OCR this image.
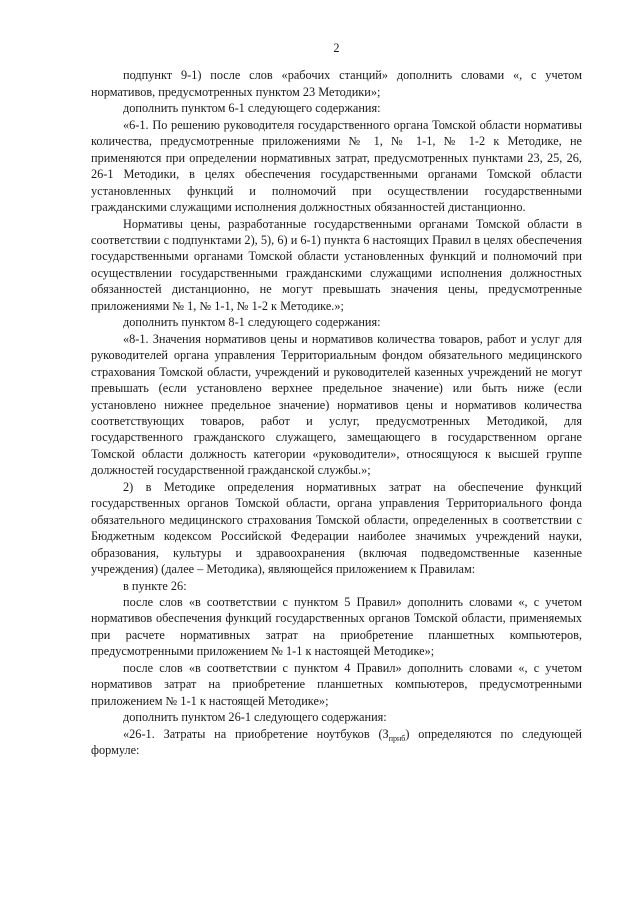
2

подпункт 9-1) после слов «рабочих станций» дополнить словами «, с учетом нормативов, предусмотренных пунктом 23 Методики»;

дополнить пунктом 6-1 следующего содержания:

«6-1. По решению руководителя государственного органа Томской области нормативы количества, предусмотренные приложениями № 1, № 1-1, № 1-2 к Методике, не применяются при определении нормативных затрат, предусмотренных пунктами 23, 25, 26, 26-1 Методики, в целях обеспечения государственными органами Томской области установленных функций и полномочий при осуществлении государственными гражданскими служащими исполнения должностных обязанностей дистанционно.

Нормативы цены, разработанные государственными органами Томской области в соответствии с подпунктами 2), 5), 6) и 6-1) пункта 6 настоящих Правил в целях обеспечения государственными органами Томской области установленных функций и полномочий при осуществлении государственными гражданскими служащими исполнения должностных обязанностей дистанционно, не могут превышать значения цены, предусмотренные приложениями № 1, № 1-1, № 1-2 к Методике.»;

дополнить пунктом 8-1 следующего содержания:

«8-1. Значения нормативов цены и нормативов количества товаров, работ и услуг для руководителей органа управления Территориальным фондом обязательного медицинского страхования Томской области, учреждений и руководителей казенных учреждений не могут превышать (если установлено верхнее предельное значение) или быть ниже (если установлено нижнее предельное значение) нормативов цены и нормативов количества соответствующих товаров, работ и услуг, предусмотренных Методикой, для государственного гражданского служащего, замещающего в государственном органе Томской области должность категории «руководители», относящуюся к высшей группе должностей государственной гражданской службы.»;

2) в Методике определения нормативных затрат на обеспечение функций государственных органов Томской области, органа управления Территориального фонда обязательного медицинского страхования Томской области, определенных в соответствии с Бюджетным кодексом Российской Федерации наиболее значимых учреждений науки, образования, культуры и здравоохранения (включая подведомственные казенные учреждения) (далее – Методика), являющейся приложением к Правилам:

в пункте 26:

после слов «в соответствии с пунктом 5 Правил» дополнить словами «, с учетом нормативов обеспечения функций государственных органов Томской области, применяемых при расчете нормативных затрат на приобретение планшетных компьютеров, предусмотренными приложением № 1-1 к настоящей Методике»;

после слов «в соответствии с пунктом 4 Правил» дополнить словами «, с учетом нормативов затрат на приобретение планшетных компьютеров, предусмотренными приложением № 1-1 к настоящей Методике»;

дополнить пунктом 26-1 следующего содержания:

«26-1. Затраты на приобретение ноутбуков $(З_{прнб})$ определяются по следующей формуле:
